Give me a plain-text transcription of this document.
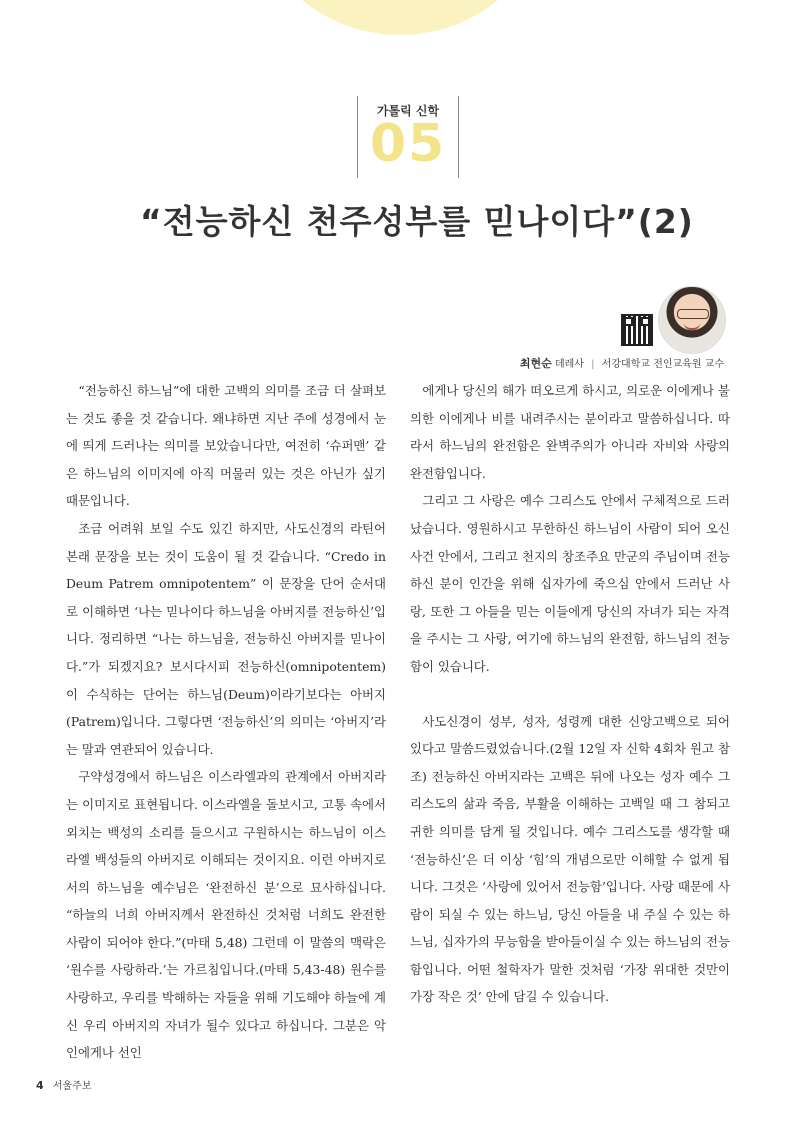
가톨릭 신학
05
“전능하신 천주성부를 믿나이다”(2)
최현순 데레사 | 서강대학교 전인교육원 교수

“전능하신 하느님”에 대한 고백의 의미를 조금 더 살펴보는 것도 좋을 것 같습니다. 왜냐하면 지난 주에 성경에서 눈에 띄게 드러나는 의미를 보았습니다만, 여전히 ‘슈퍼맨’ 같은 하느님의 이미지에 아직 머물러 있는 것은 아닌가 싶기 때문입니다.

조금 어려워 보일 수도 있긴 하지만, 사도신경의 라틴어 본래 문장을 보는 것이 도움이 될 것 같습니다. “Credo in Deum Patrem omnipotentem” 이 문장을 단어 순서대로 이해하면 ‘나는 믿나이다 하느님을 아버지를 전능하신’입니다. 정리하면 “나는 하느님을, 전능하신 아버지를 믿나이다.”가 되겠지요? 보시다시피 전능하신(omnipotentem)이 수식하는 단어는 하느님(Deum)이라기보다는 아버지(Patrem)입니다. 그렇다면 ‘전능하신’의 의미는 ‘아버지’라는 말과 연관되어 있습니다.

구약성경에서 하느님은 이스라엘과의 관계에서 아버지라는 이미지로 표현됩니다. 이스라엘을 돌보시고, 고통 속에서 외치는 백성의 소리를 들으시고 구원하시는 하느님이 이스라엘 백성들의 아버지로 이해되는 것이지요. 이런 아버지로서의 하느님을 예수님은 ‘완전하신 분’으로 묘사하십니다. “하늘의 너희 아버지께서 완전하신 것처럼 너희도 완전한 사람이 되어야 한다.”(마태 5,48) 그런데 이 말씀의 맥락은 ‘원수를 사랑하라.’는 가르침입니다.(마태 5,43-48) 원수를 사랑하고, 우리를 박해하는 자들을 위해 기도해야 하늘에 계신 우리 아버지의 자녀가 될수 있다고 하십니다. 그분은 악인에게나 선인

에게나 당신의 해가 떠오르게 하시고, 의로운 이에게나 불의한 이에게나 비를 내려주시는 분이라고 말씀하십니다. 따라서 하느님의 완전함은 완벽주의가 아니라 자비와 사랑의 완전함입니다.

그리고 그 사랑은 예수 그리스도 안에서 구체적으로 드러났습니다. 영원하시고 무한하신 하느님이 사람이 되어 오신 사건 안에서, 그리고 천지의 창조주요 만군의 주님이며 전능하신 분이 인간을 위해 십자가에 죽으심 안에서 드러난 사랑, 또한 그 아들을 믿는 이들에게 당신의 자녀가 되는 자격을 주시는 그 사랑, 여기에 하느님의 완전함, 하느님의 전능함이 있습니다.

사도신경이 성부, 성자, 성령께 대한 신앙고백으로 되어 있다고 말씀드렸었습니다.(2월 12일 자 신학 4회차 원고 참조) 전능하신 아버지라는 고백은 뒤에 나오는 성자 예수 그리스도의 삶과 죽음, 부활을 이해하는 고백일 때 그 참되고 귀한 의미를 담게 될 것입니다. 예수 그리스도를 생각할 때 ‘전능하신’은 더 이상 ‘힘’의 개념으로만 이해할 수 없게 됩니다. 그것은 ‘사랑에 있어서 전능함’입니다. 사랑 때문에 사람이 되실 수 있는 하느님, 당신 아들을 내 주실 수 있는 하느님, 십자가의 무능함을 받아들이실 수 있는 하느님의 전능함입니다. 어떤 철학자가 말한 것처럼 ‘가장 위대한 것만이 가장 작은 것’ 안에 담길 수 있습니다.

4 서울주보
